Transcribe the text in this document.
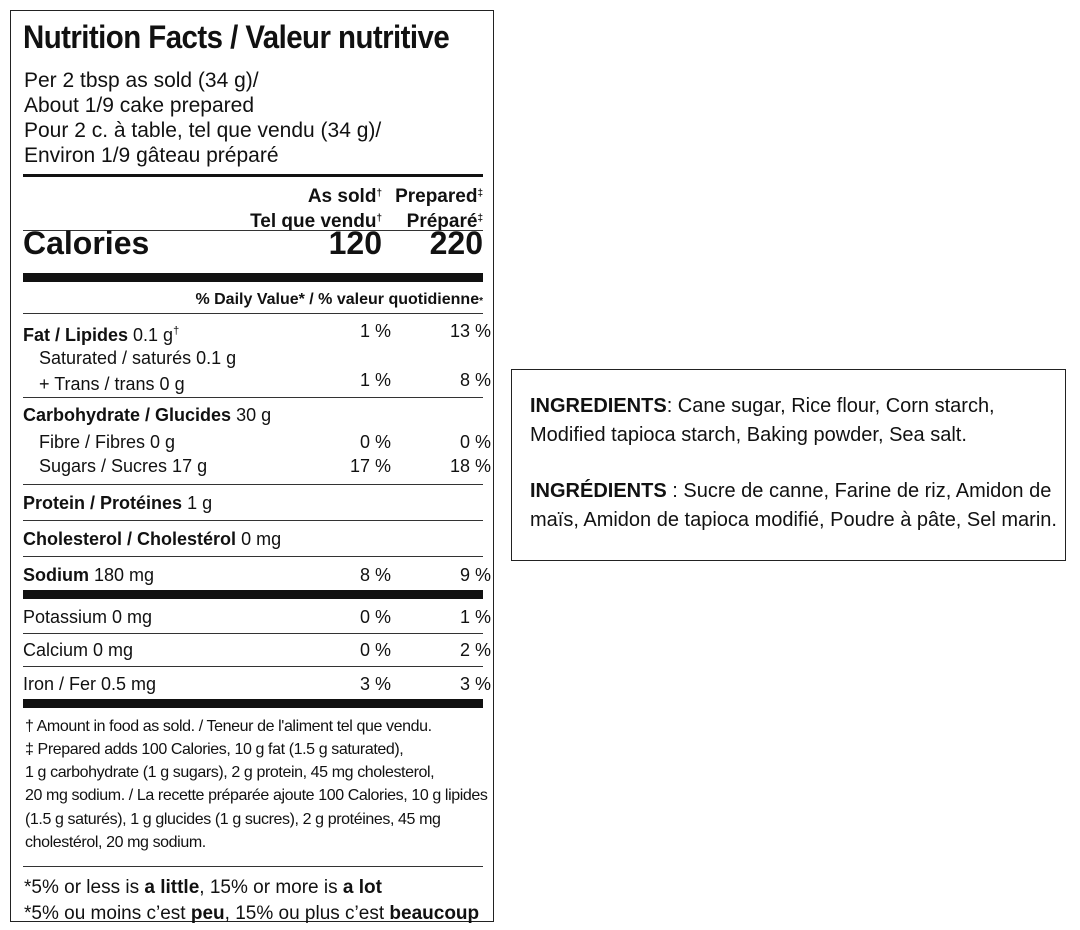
Nutrition Facts / Valeur nutritive
Per 2 tbsp as sold (34 g)/
About 1/9 cake prepared
Pour 2 c. à table, tel que vendu (34 g)/
Environ 1/9 gâteau préparé
As sold†
Tel que vendu†
Prepared‡
Préparé‡
Calories	120 220
% Daily Value* / % valeur quotidienne*
Fat / Lipides 0.1 g†	1 %	13 %
Saturated / saturés 0.1 g
+ Trans / trans 0 g	1 %	8 %
Carbohydrate / Glucides 30 g
Fibre / Fibres 0 g	0 %	0 %
Sugars / Sucres 17 g	17 %	18 %
Protein / Protéines 1 g
Cholesterol / Cholestérol 0 mg
Sodium 180 mg	8 %	9 %
Potassium 0 mg	0 %	1 %
Calcium 0 mg	0 %	2 %
Iron / Fer 0.5 mg	3 %	3 %
† Amount in food as sold. / Teneur de l'aliment tel que vendu.
‡ Prepared adds 100 Calories, 10 g fat (1.5 g saturated),
1 g carbohydrate (1 g sugars), 2 g protein, 45 mg cholesterol,
20 mg sodium. / La recette préparée ajoute 100 Calories, 10 g lipides
(1.5 g saturés), 1 g glucides (1 g sucres), 2 g protéines, 45 mg
cholestérol, 20 mg sodium.
*5% or less is a little, 15% or more is a lot
*5% ou moins c’est peu, 15% ou plus c’est beaucoup

INGREDIENTS: Cane sugar, Rice flour, Corn starch, Modified tapioca starch, Baking powder, Sea salt.

INGRÉDIENTS : Sucre de canne, Farine de riz, Amidon de maïs, Amidon de tapioca modifié, Poudre à pâte, Sel marin.
